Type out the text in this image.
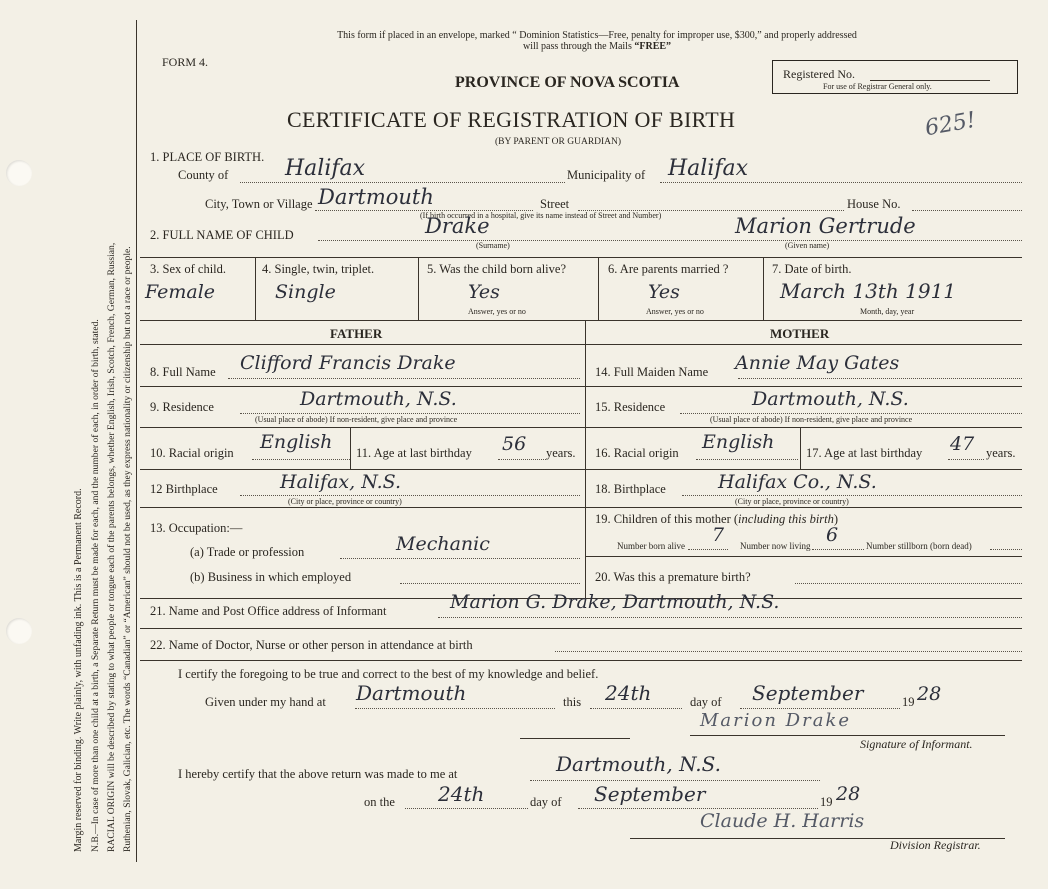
Margin reserved for binding. Write plainly, with unfading ink. This is a Permanent Record. N.B.—In case of more than one child at a birth, a Separate Return must be made for each, and the number of each, in order of birth, stated. RACIAL ORIGIN will be described by stating to what people or tongue each of the parents belongs, whether English, Irish, Scotch, French, German, Russian, Ruthenian, Slovak, Galician, etc. The words “Canadian” or “American” should not be used, as they express nationality or citizenship but not a race or people.
This form if placed in an envelope, marked “ Dominion Statistics—Free, penalty for improper use, $300,” and properly addressed
will pass through the Mails “FREE”
FORM 4.
PROVINCE OF NOVA SCOTIA	Registered No.
For use of Registrar General only.
CERTIFICATE OF REGISTRATION OF BIRTH	625!
(BY PARENT OR GUARDIAN)
1. PLACE OF BIRTH.
County of	Halifax	Municipality of Halifax
City, Town or Village Dartmouth	Street	House No.
(If birth occurred in a hospital, give its name instead of Street and Number)
2. FULL NAME OF CHILD	Drake
(Surname)
Marion Gertrude
(Given name)
3. Sex of child.
Female
4. Single, twin, triplet.
Single
5. Was the child born alive?
Yes
Answer, yes or no
6. Are parents married ?
Yes
Answer, yes or no
7. Date of birth.
March 13th 1911
Month, day, year
FATHER	MOTHER
8. Full Name Clifford Francis Drake
9. Residence	Dartmouth, N.S.
(Usual place of abode) If non-resident, give place and province
10. Racial origin English 11. Age at last birthday 56 years.
12 Birthplace	Halifax, N.S.
(City or place, province or country)
13. Occupation:—
(a) Trade or profession	Mechanic
(b) Business in which employed
14. Full Maiden Name Annie May Gates
15. Residence	Dartmouth, N.S.
(Usual place of abode) If non-resident, give place and province
16. Racial origin English	17. Age at last birthday 47 years.
18. Birthplace	Halifax Co., N.S.
(City or place, province or country)
19. Children of this mother (including this birth)
Number born alive 7 Number now living 6	Number stillborn (born dead)
20. Was this a premature birth?
21. Name and Post Office address of Informant	Marion G. Drake, Dartmouth, N.S.
22. Name of Doctor, Nurse or other person in attendance at birth
I certify the foregoing to be true and correct to the best of my knowledge and belief.
Given under my hand at Dartmouth	this 24th	day of September	19 28
Marion Drake
Signature of Informant.
I hereby certify that the above return was made to me at	Dartmouth, N.S.
on the 24th	day of September	19 28
Claude H. Harris
Division Registrar.
